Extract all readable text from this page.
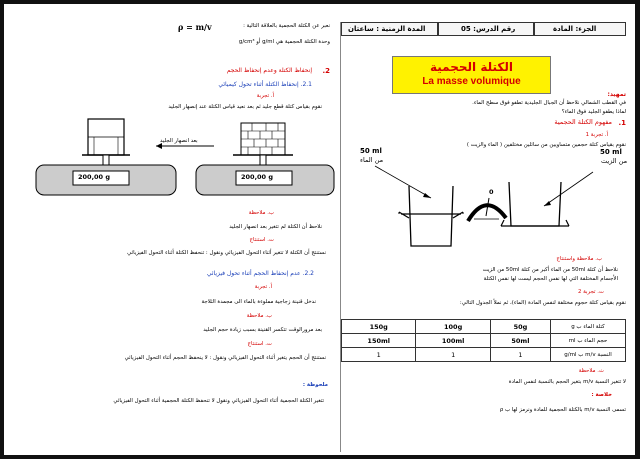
المدة الزمنية : ساعتان	رقم الدرس: 05	الجزء: المادة
الكتلة الحجمية
La masse volumique
تمهيد:
في القطب الشمالي نلاحظ أن الجبال الجليدية تطفو فوق سطح الماء.
لماذا يطفو الجليد فوق الماء؟
1.
مفهوم الكتلة الحجمية
أ. تجربة 1
نقوم بقياس كتلة حجمين متساويين من سائلين مختلفين ( الماء والزيت )
50 ml
من الماء
50 ml
من الزيت
0
ب. ملاحظة واستنتاج
نلاحظ أن كتلة 50ml من الماء أكبر من كتلة 50ml من الزيت
الأجسام المختلفة التي لها نفس الحجم ليست لها نفس الكتلة
ت. تجربة 2
نقوم بقياس كتلة حجوم مختلفة لنفس المادة (الماء)، ثم نملأ الجدول التالي:
150g	100g	50g	كتلة الماء ب g
150ml	100ml	50ml	حجم الماء ب ml
1	1	1	النسبة m/v ب g/ml
ث. ملاحظة
لا تتغير النسبة m/v بتغير الحجم بالنسبة لنفس المادة
خلاصة :
تسمى النسبة m/v بالكتلة الحجمية للمادة ونرمز لها ب ρ
ρ = m/v	نعبر عن الكتلة الحجمية بالعلاقة التالية :
وحدة الكتلة الحجمية هي g/ml أو g/cm³
2.
إنحفاظ الكتلة وعدم إنحفاظ الحجم
2.1. إنحفاظ الكتلة أثناء تحول كيميائي
أ. تجربة
نقوم بقياس كتلة قطع جليد ثم بعد نعيد قياس الكتلة عند إنصهار الجليد
200,00 g	200,00 g
بعد انصهار الجليد
ب. ملاحظة
نلاحظ أن الكتلة لم تتغير بعد انصهار الجليد
ت. استنتاج
نستنتج أن الكتلة لا تتغير أثناء التحول الفيزيائي ونقول : تنحفظ الكتلة أثناء التحول الفيزيائي
2.2. عدم إنحفاظ الحجم أثناء تحول فيزيائي
أ. تجربة
ندخل قنينة زجاجية مملوءة بالماء الى مجمدة الثلاجة
ب. ملاحظة
بعد مرورالوقت تتكسر القنينة بسبب زيادة حجم الجليد
ت. استنتاج
نستنتج أن الحجم يتغير أثناء التحول الفيزيائي ونقول : لا ينحفظ الحجم أثناء التحول الفيزيائي
ملحوظة :
تتغير الكتلة الحجمية أثناء التحول الفيزيائي ونقول لا تنحفظ الكتلة الحجمية أثناء التحول الفيزيائي
